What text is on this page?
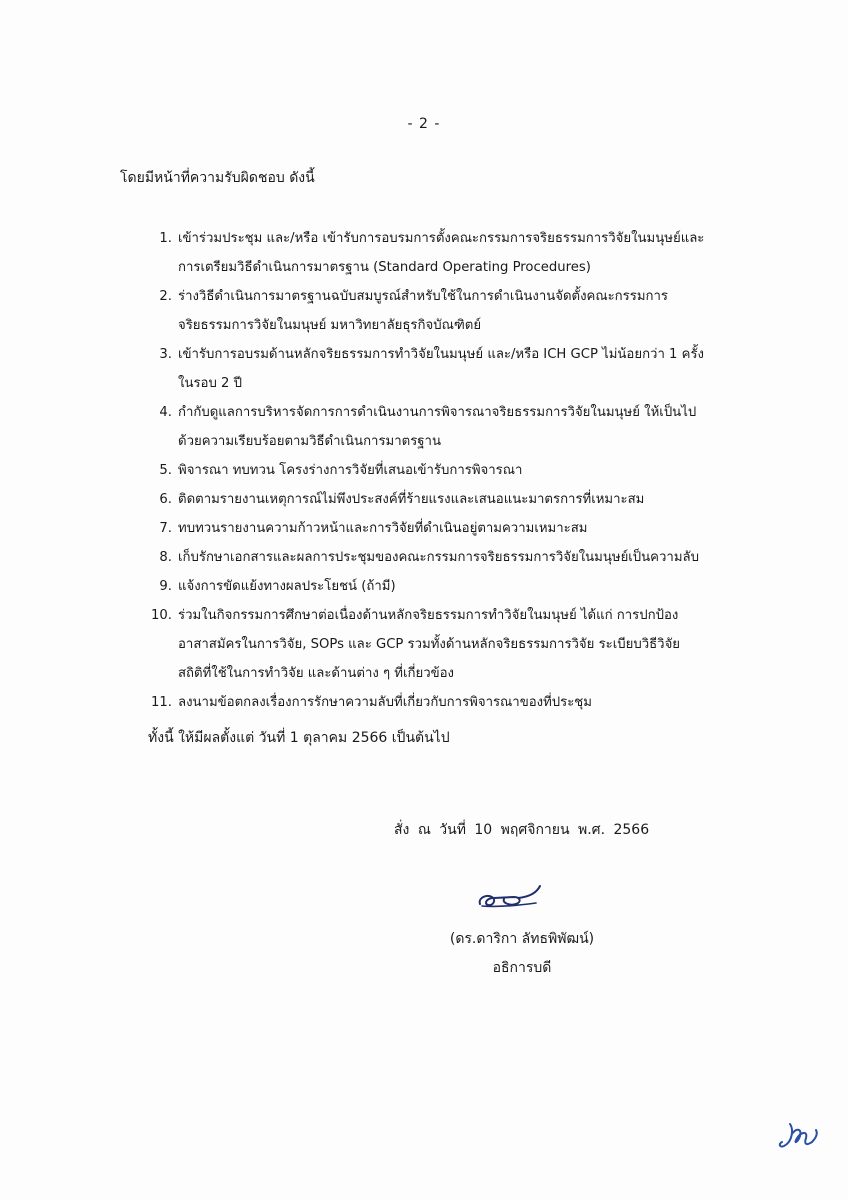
- 2 -
โดยมีหน้าที่ความรับผิดชอบ ดังนี้
1. เข้าร่วมประชุม และ/หรือ เข้ารับการอบรมการตั้งคณะกรรมการจริยธรรมการวิจัยในมนุษย์และการเตรียมวิธีดำเนินการมาตรฐาน (Standard Operating Procedures)
2. ร่างวิธีดำเนินการมาตรฐานฉบับสมบูรณ์สำหรับใช้ในการดำเนินงานจัดตั้งคณะกรรมการจริยธรรมการวิจัยในมนุษย์ มหาวิทยาลัยธุรกิจบัณฑิตย์
3. เข้ารับการอบรมด้านหลักจริยธรรมการทำวิจัยในมนุษย์ และ/หรือ ICH GCP ไม่น้อยกว่า 1 ครั้งในรอบ 2 ปี
4. กำกับดูแลการบริหารจัดการการดำเนินงานการพิจารณาจริยธรรมการวิจัยในมนุษย์ ให้เป็นไปด้วยความเรียบร้อยตามวิธีดำเนินการมาตรฐาน
5. พิจารณา ทบทวน โครงร่างการวิจัยที่เสนอเข้ารับการพิจารณา
6. ติดตามรายงานเหตุการณ์ไม่พึงประสงค์ที่ร้ายแรงและเสนอแนะมาตรการที่เหมาะสม
7. ทบทวนรายงานความก้าวหน้าและการวิจัยที่ดำเนินอยู่ตามความเหมาะสม
8. เก็บรักษาเอกสารและผลการประชุมของคณะกรรมการจริยธรรมการวิจัยในมนุษย์เป็นความลับ
9. แจ้งการขัดแย้งทางผลประโยชน์ (ถ้ามี)
10. ร่วมในกิจกรรมการศึกษาต่อเนื่องด้านหลักจริยธรรมการทำวิจัยในมนุษย์ ได้แก่ การปกป้องอาสาสมัครในการวิจัย, SOPs และ GCP รวมทั้งด้านหลักจริยธรรมการวิจัย ระเบียบวิธีวิจัย สถิติที่ใช้ในการทำวิจัย และด้านต่าง ๆ ที่เกี่ยวข้อง
11. ลงนามข้อตกลงเรื่องการรักษาความลับที่เกี่ยวกับการพิจารณาของที่ประชุม
ทั้งนี้ ให้มีผลตั้งแต่ วันที่ 1 ตุลาคม 2566 เป็นต้นไป
สั่ง ณ วันที่ 10 พฤศจิกายน พ.ศ. 2566
(ดร.ดาริกา ลัทธพิพัฒน์)
อธิการบดี
